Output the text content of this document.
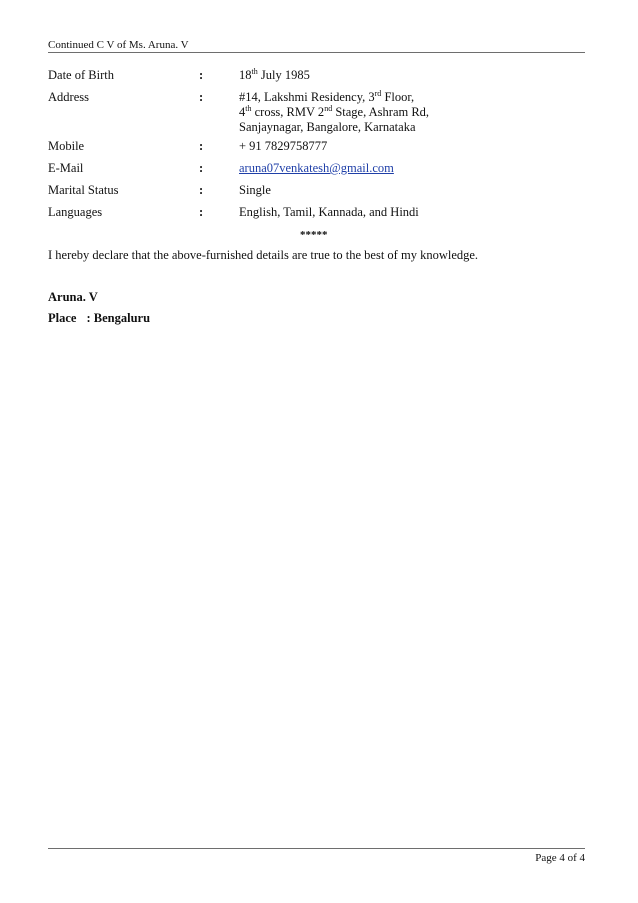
Continued C V of Ms. Aruna. V
Date of Birth	:	18th July 1985
Address	:	#14, Lakshmi Residency, 3rd Floor,
4th cross, RMV 2nd Stage, Ashram Rd,
Sanjaynagar, Bangalore, Karnataka
Mobile	:	+ 91 7829758777
E-Mail	:	aruna07venkatesh@gmail.com
Marital Status	:	Single
Languages	:	English, Tamil, Kannada, and Hindi
*****
I hereby declare that the above-furnished details are true to the best of my knowledge.
Aruna. V
Place : Bengaluru
Page 4 of 4
